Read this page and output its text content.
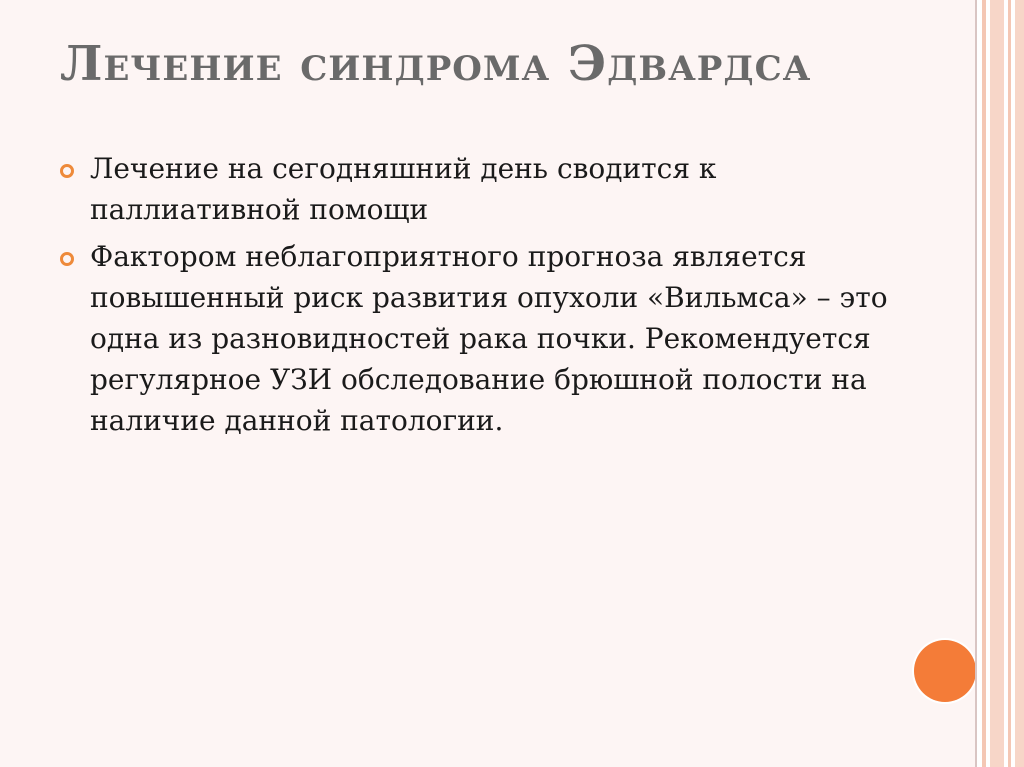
Лечение синдрома Эдвардса
Лечение на сегодняшний день сводится к паллиативной помощи
Фактором неблагоприятного прогноза является повышенный риск развития опухоли «Вильмса» – это одна из разновидностей рака почки. Рекомендуется регулярное УЗИ обследование брюшной полости на наличие данной патологии.
